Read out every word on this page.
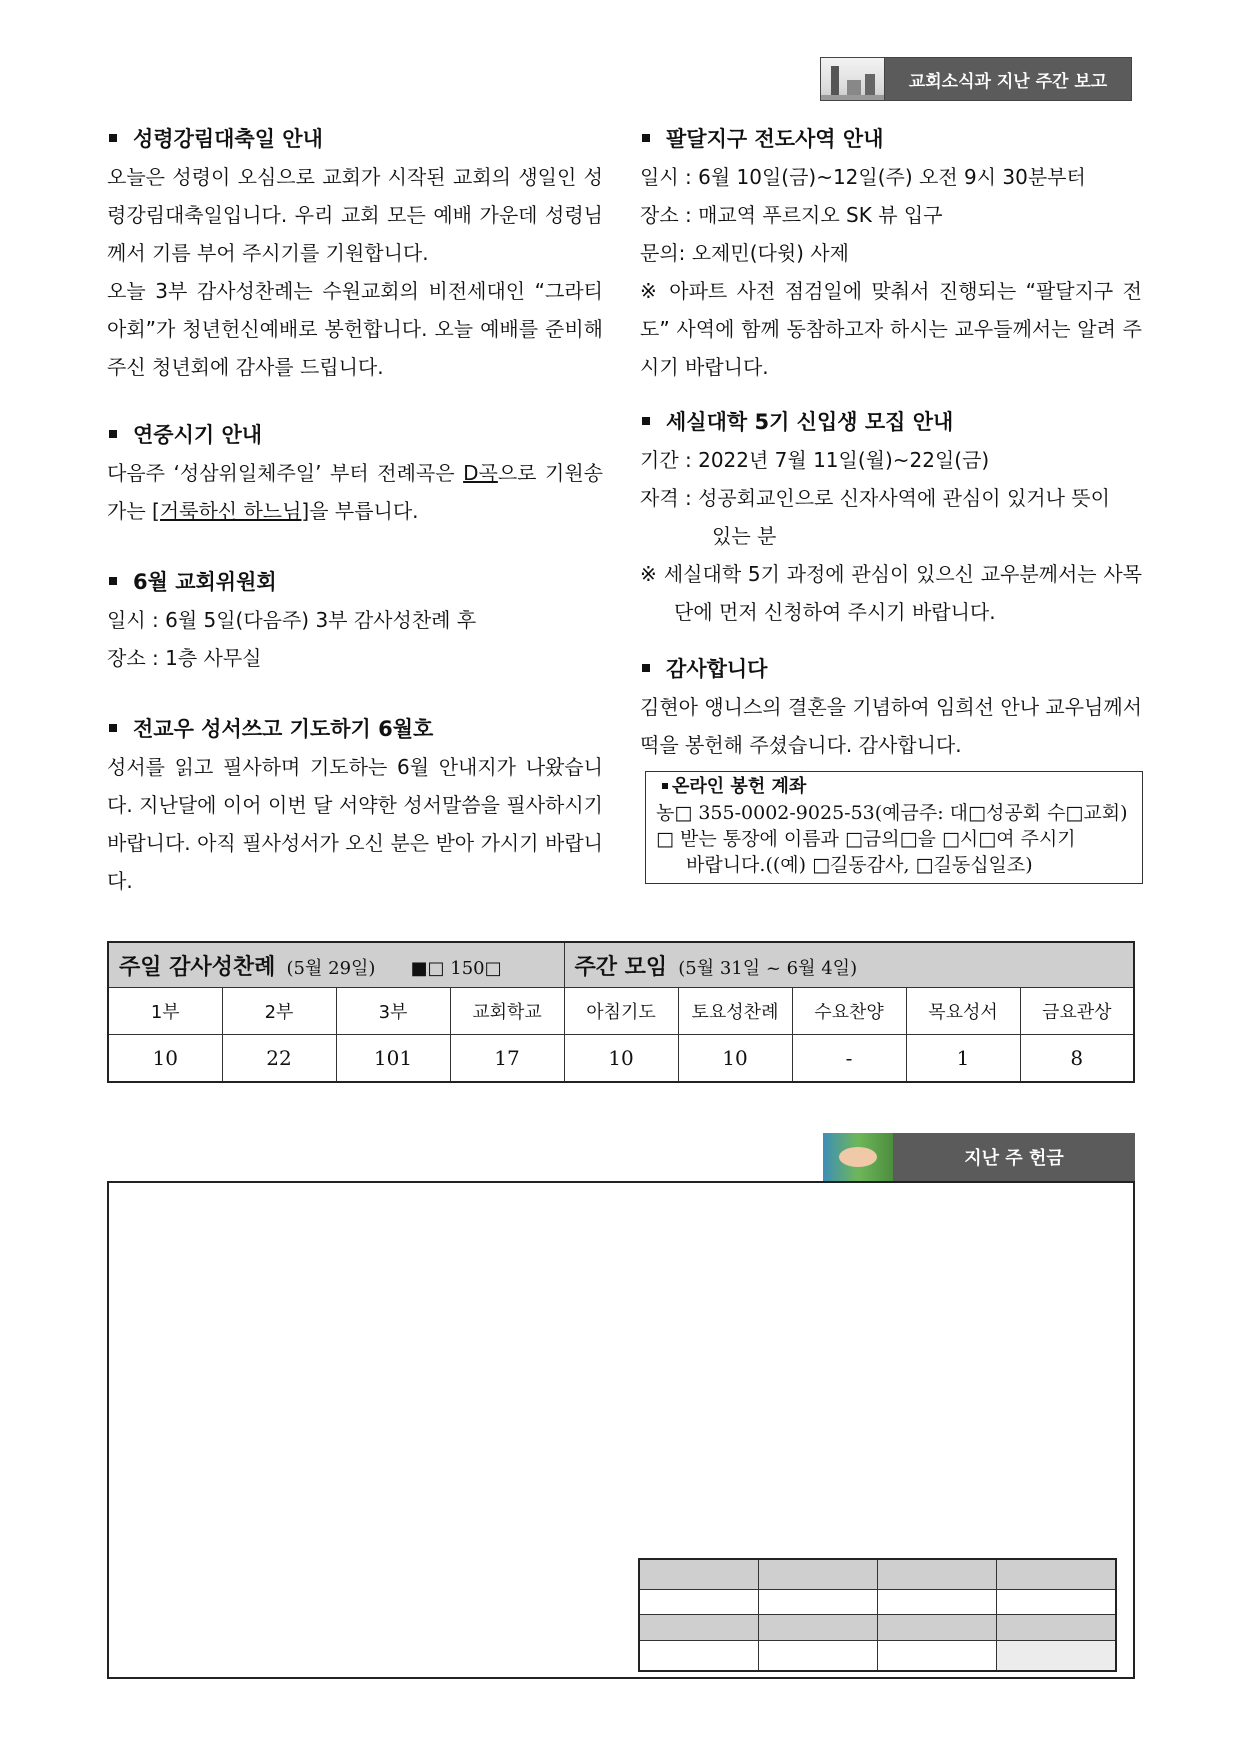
교회소식과 지난 주간 보고
성령강림대축일 안내

오늘은 성령이 오심으로 교회가 시작된 교회의 생일인 성령강림대축일입니다. 우리 교회 모든 예배 가운데 성령님께서 기름 부어 주시기를 기원합니다.

오늘 3부 감사성찬례는 수원교회의 비전세대인 “그라티아회”가 청년헌신예배로 봉헌합니다. 오늘 예배를 준비해 주신 청년회에 감사를 드립니다.

연중시기 안내

다음주 ‘성삼위일체주일’ 부터 전례곡은 D곡으로 기원송가는 [거룩하신 하느님]을 부릅니다.

6월 교회위원회
일시 : 6월 5일(다음주) 3부 감사성찬례 후
장소 : 1층 사무실
전교우 성서쓰고 기도하기 6월호

성서를 읽고 필사하며 기도하는 6월 안내지가 나왔습니다. 지난달에 이어 이번 달 서약한 성서말씀을 필사하시기 바랍니다. 아직 필사성서가 오신 분은 받아 가시기 바랍니다.

팔달지구 전도사역 안내
일시 : 6월 10일(금)~12일(주) 오전 9시 30분부터
장소 : 매교역 푸르지오 SK 뷰 입구
문의: 오제민(다윗) 사제

※ 아파트 사전 점검일에 맞춰서 진행되는 “팔달지구 전도” 사역에 함께 동참하고자 하시는 교우들께서는 알려 주시기 바랍니다.

세실대학 5기 신입생 모집 안내
기간 : 2022년 7월 11일(월)~22일(금)
자격 : 성공회교인으로 신자사역에 관심이 있거나 뜻이
있는 분

※ 세실대학 5기 과정에 관심이 있으신 교우분께서는 사목단에 먼저 신청하여 주시기 바랍니다.

감사합니다

김현아 앵니스의 결혼을 기념하여 임희선 안나 교우님께서 떡을 봉헌해 주셨습니다. 감사합니다.

온라인 봉헌 계좌
농□ 355-0002-9025-53(예금주: 대□성공회 수□교회)
□ 받는 통장에 이름과 □금의□을 □시□여 주시기
바랍니다.((예) □길동감사, □길동십일조)
주일 감사성찬례 (5월 29일) ■□ 150□				주간 모임 (5월 31일 ~ 6월 4일)				
1부	2부	3부	교회학교	아침기도	토요성찬례	수요찬양	목요성서	금요관상
10	22	101	17	10	10	-	1	8
지난 주 헌금
